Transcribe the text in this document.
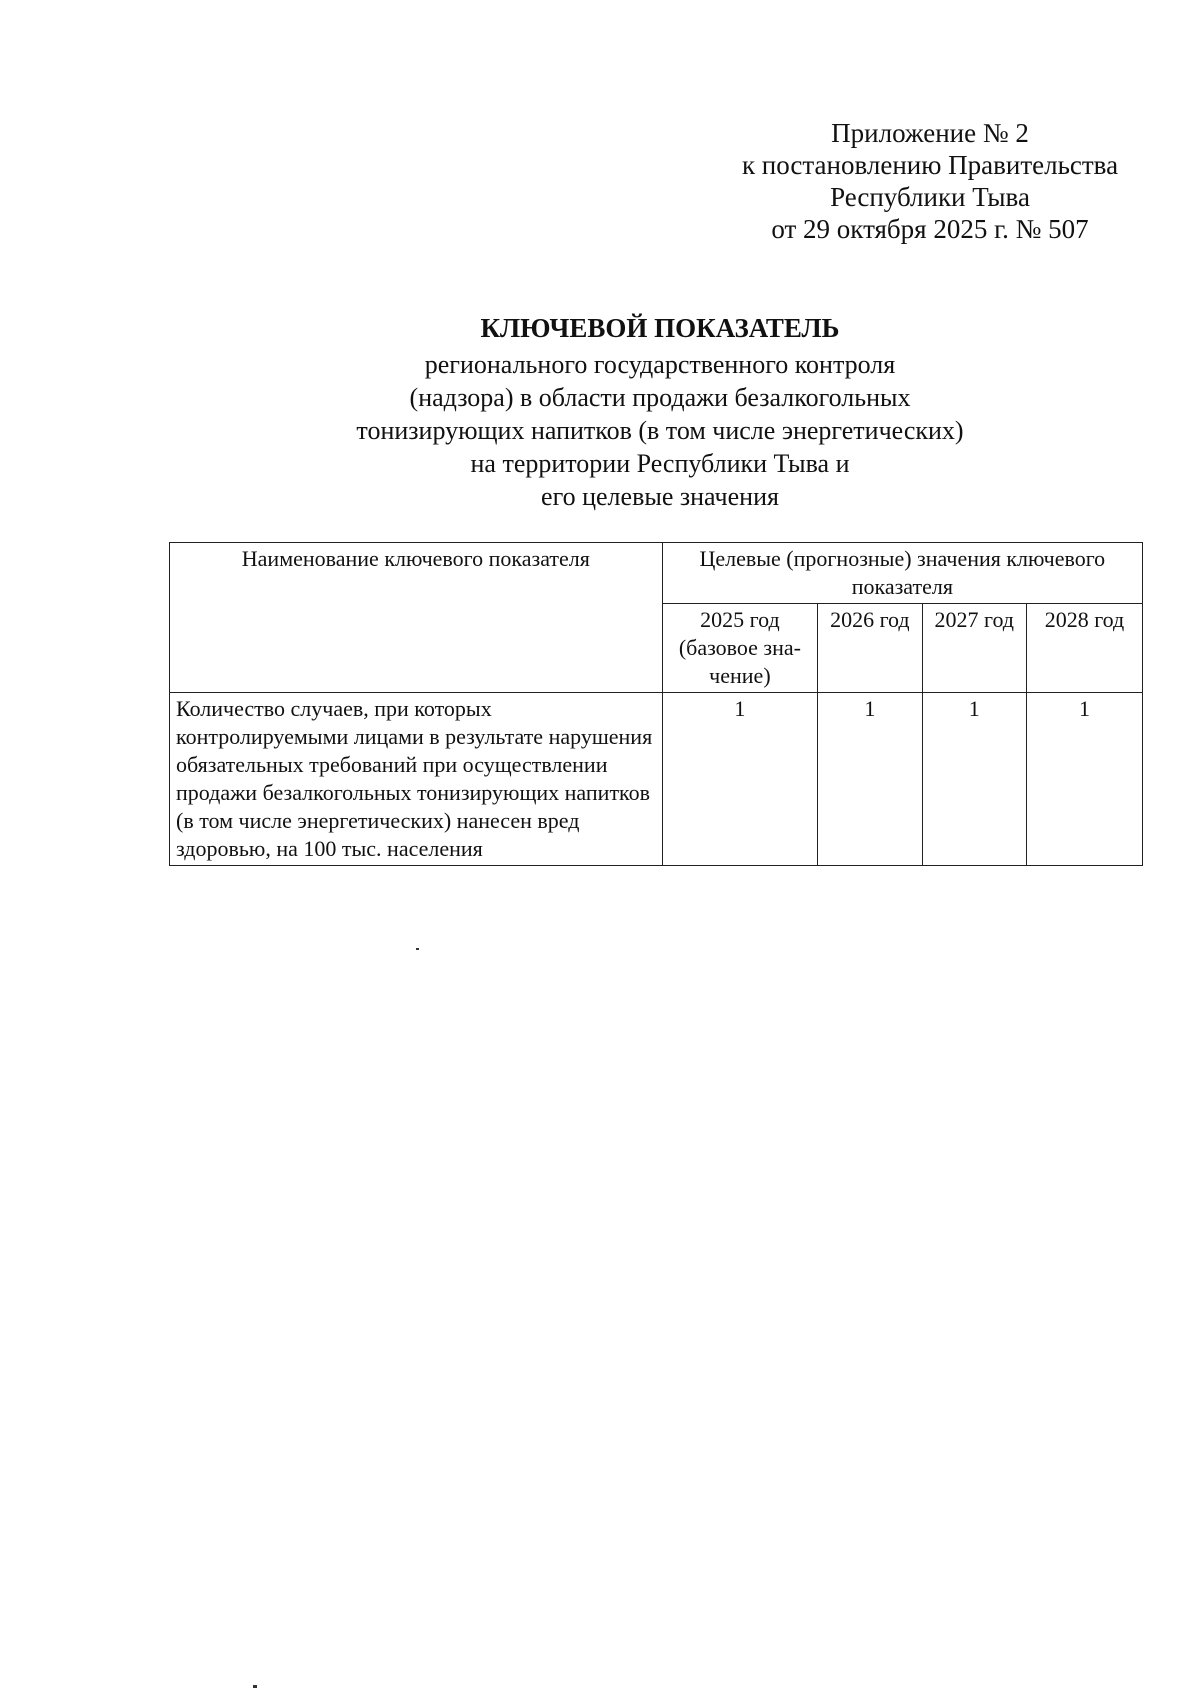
Приложение № 2
к постановлению Правительства
Республики Тыва
от 29 октября 2025 г. № 507
КЛЮЧЕВОЙ ПОКАЗАТЕЛЬ
регионального государственного контроля
(надзора) в области продажи безалкогольных
тонизирующих напитков (в том числе энергетических)
на территории Республики Тыва и
его целевые значения
Наименование ключевого показателя	Целевые (прогнозные) значения ключевого показателя			
	2025 год (базовое зна-чение)	2026 год	2027 год	2028 год
Количество случаев, при которых контролируемыми лицами в результате нарушения обязательных требований при осуществлении продажи безалкогольных тонизирующих напитков (в том числе энергетических) нанесен вред здоровью, на 100 тыс. населения	1	1	1	1
